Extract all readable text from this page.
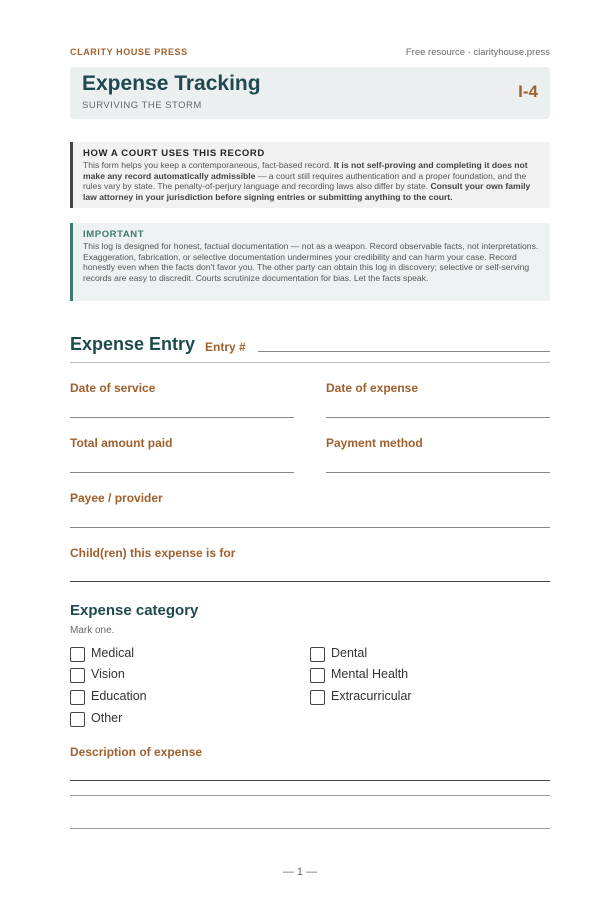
CLARITY HOUSE PRESS	Free resource · clarityhouse.press
Expense Tracking
SURVIVING THE STORM
I-4
HOW A COURT USES THIS RECORD

This form helps you keep a contemporaneous, fact-based record. It is not self-proving and completing it does not make any record automatically admissible — a court still requires authentication and a proper foundation, and the rules vary by state. The penalty-of-perjury language and recording laws also differ by state. Consult your own family law attorney in your jurisdiction before signing entries or submitting anything to the court.

IMPORTANT

This log is designed for honest, factual documentation — not as a weapon. Record observable facts, not interpretations. Exaggeration, fabrication, or selective documentation undermines your credibility and can harm your case. Record honestly even when the facts don't favor you. The other party can obtain this log in discovery; selective or self-serving records are easy to discredit. Courts scrutinize documentation for bias. Let the facts speak.

Expense Entry Entry #
Date of service	Date of expense
Total amount paid	Payment method
Payee / provider
Child(ren) this expense is for
Expense category
Mark one.
Medical	Dental
Vision	Mental Health
Education	Extracurricular
Other
Description of expense
— 1 —
